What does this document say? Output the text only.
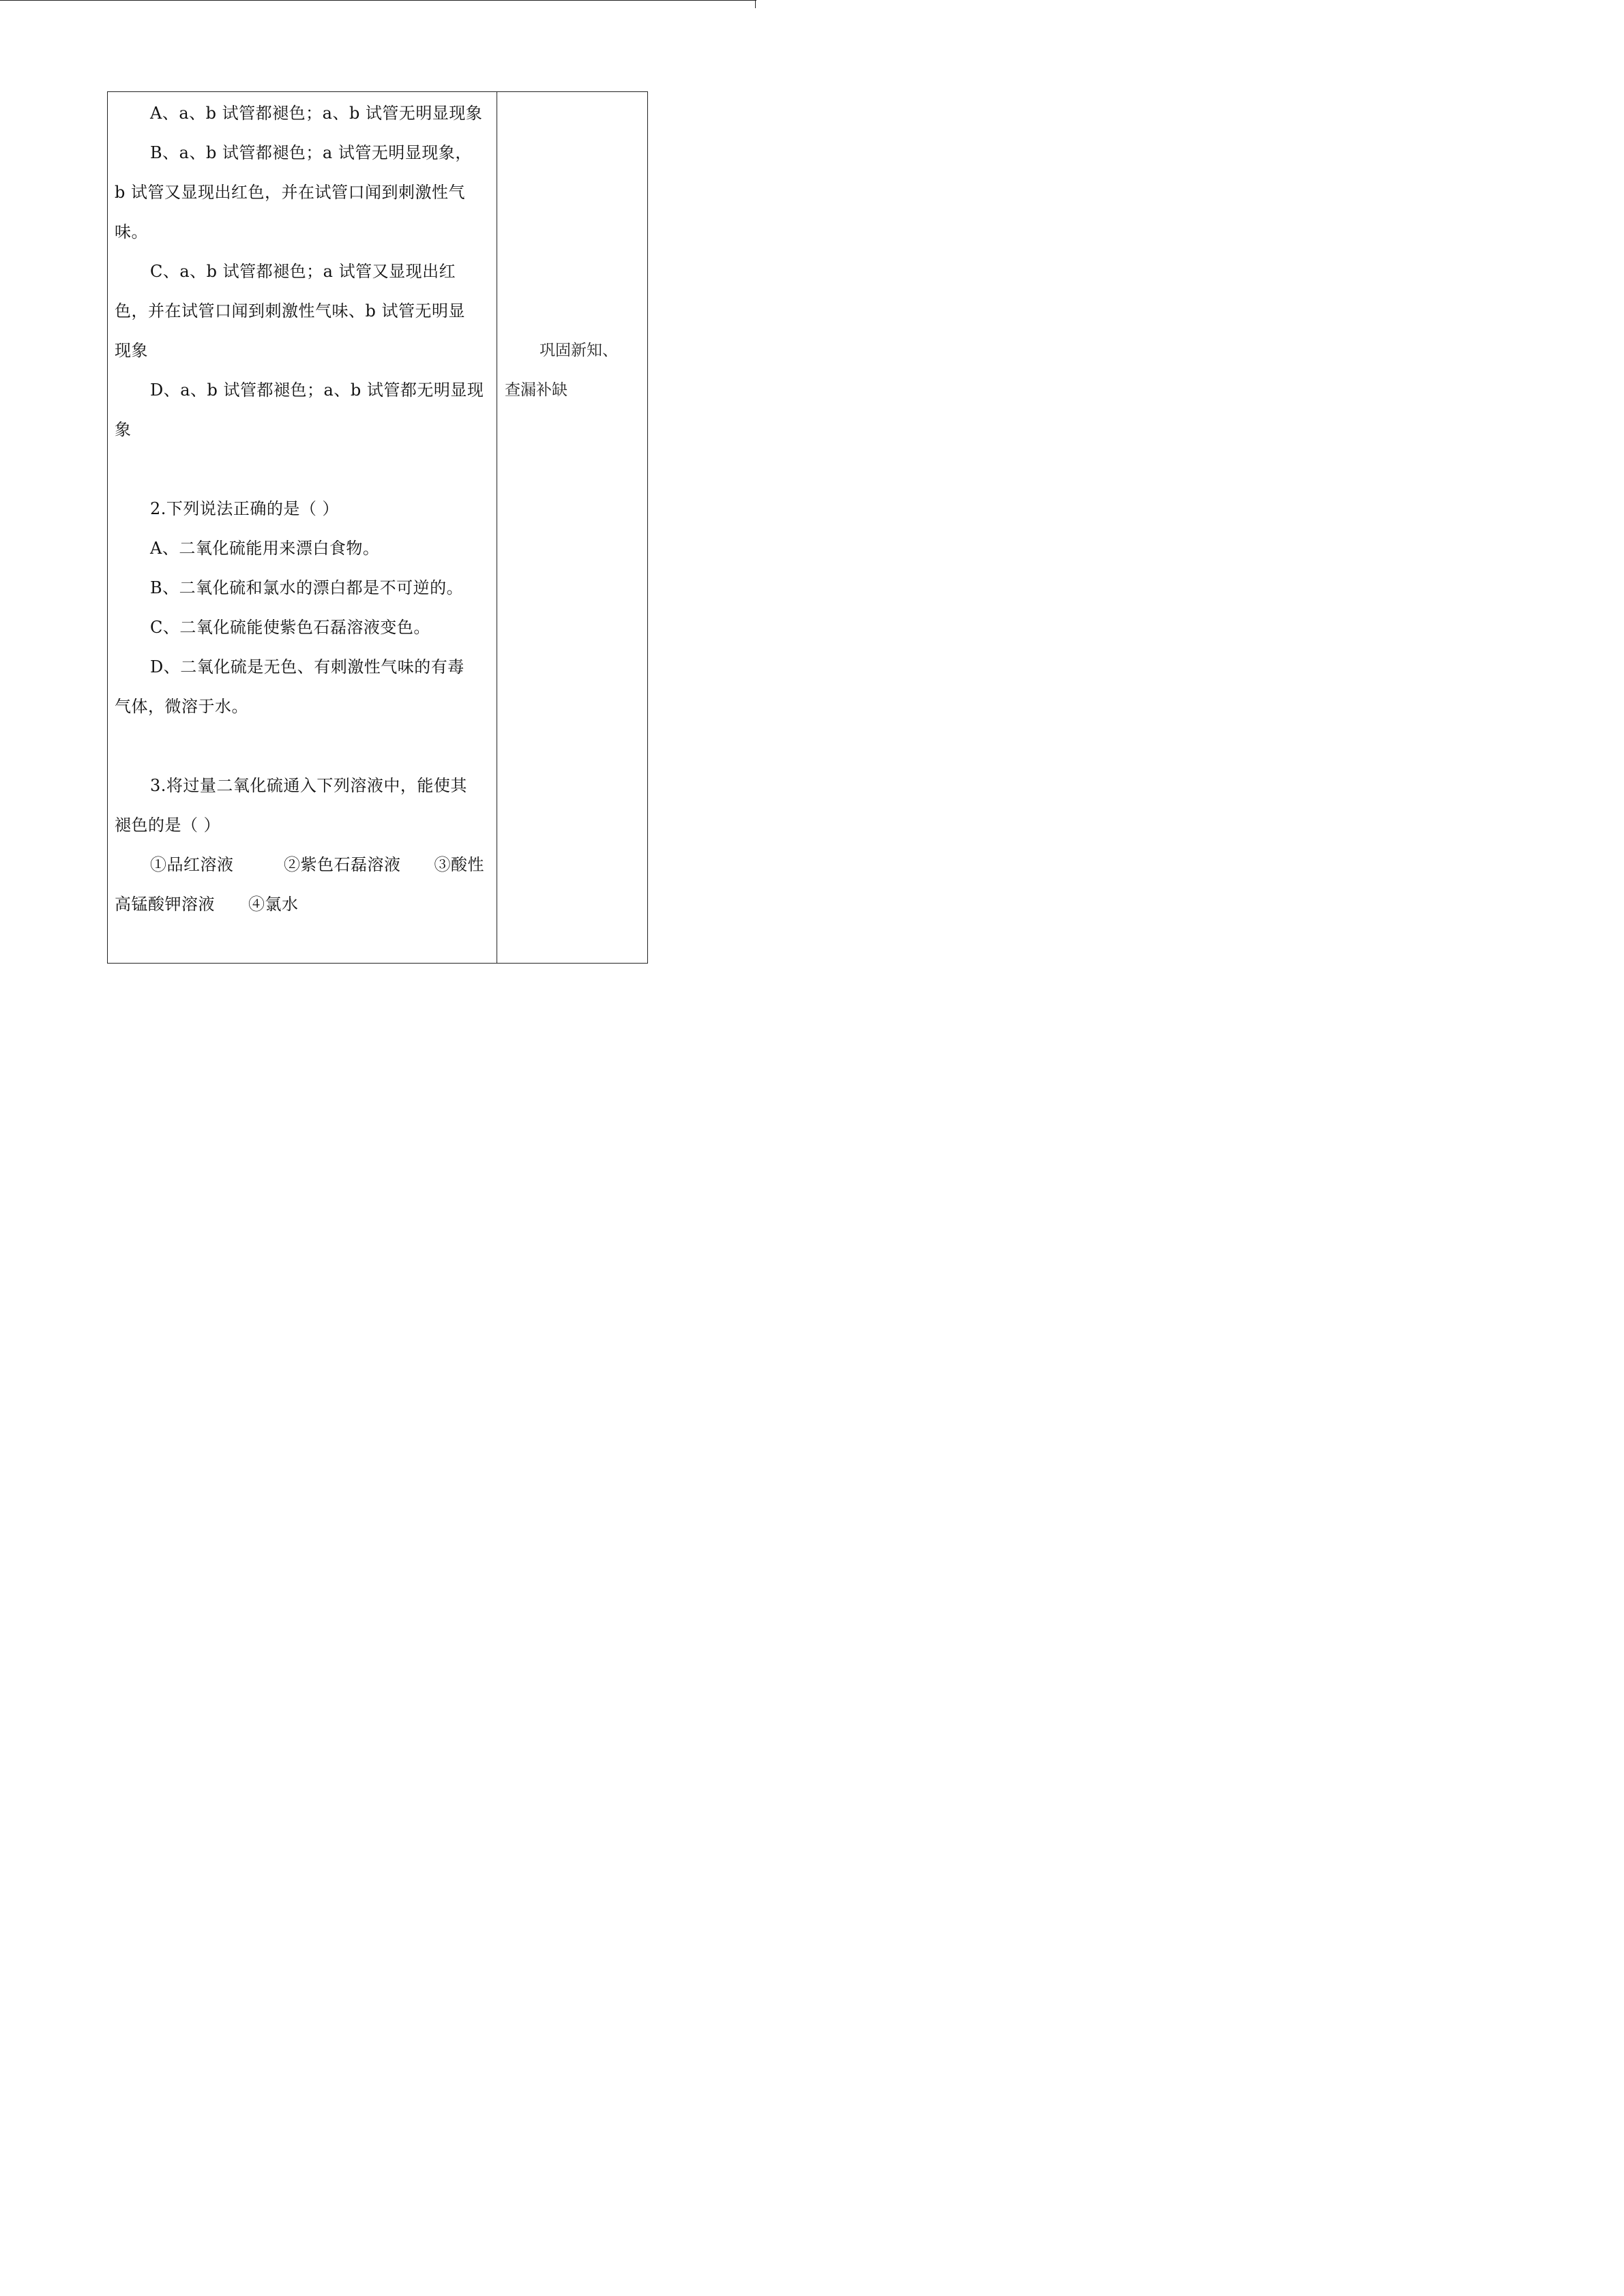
A、a、b 试管都褪色；a、b 试管无明显现象
B、a、b 试管都褪色；a 试管无明显现象，
b 试管又显现出红色，并在试管口闻到刺激性气
味。
C、a、b 试管都褪色；a 试管又显现出红
色，并在试管口闻到刺激性气味、b 试管无明显
现象
D、a、b 试管都褪色；a、b 试管都无明显现
象
2.下列说法正确的是（ ）
A、二氧化硫能用来漂白食物。
B、二氧化硫和氯水的漂白都是不可逆的。
C、二氧化硫能使紫色石磊溶液变色。
D、二氧化硫是无色、有刺激性气味的有毒
气体，微溶于水。
3.将过量二氧化硫通入下列溶液中，能使其
褪色的是（ ）
①品红溶液　　　②紫色石磊溶液　　③酸性
高锰酸钾溶液　　④氯水
巩固新知、
查漏补缺
